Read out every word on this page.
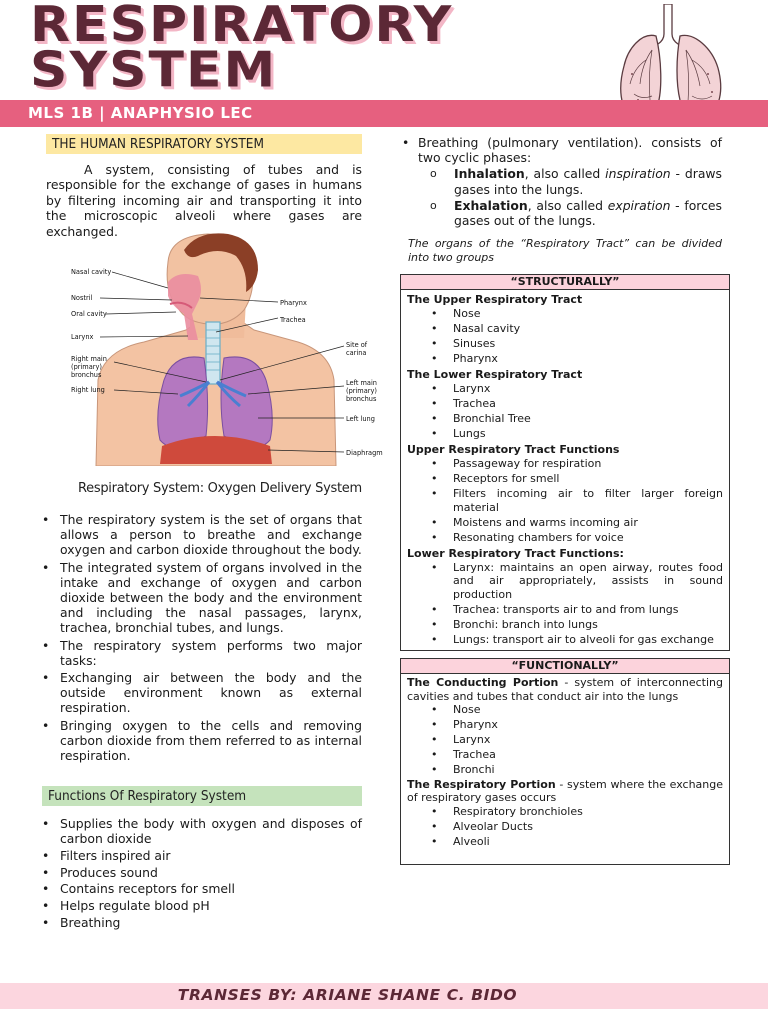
RESPIRATORY
SYSTEM
MLS 1B | ANAPHYSIO LEC
THE HUMAN RESPIRATORY SYSTEM

A system, consisting of tubes and is responsible for the exchange of gases in humans by filtering incoming air and transporting it into the microscopic alveoli where gases are exchanged.

Nasal cavity
Nostril
Oral cavity
Larynx
Right main
(primary)
bronchus
Right lung
Pharynx
Trachea
Site of
carina
Left main
(primary)
bronchus
Left lung
Diaphragm
Respiratory System: Oxygen Delivery System
• The respiratory system is the set of organs that allows a person to breathe and exchange oxygen and carbon dioxide throughout the body.
• The integrated system of organs involved in the intake and exchange of oxygen and carbon dioxide between the body and the environment and including the nasal passages, larynx, trachea, bronchial tubes, and lungs.
• The respiratory system performs two major tasks:
• Exchanging air between the body and the outside environment known as external respiration.
• Bringing oxygen to the cells and removing carbon dioxide from them referred to as internal respiration.
Functions Of Respiratory System
• Supplies the body with oxygen and disposes of carbon dioxide
• Filters inspired air
• Produces sound
• Contains receptors for smell
• Helps regulate blood pH
• Breathing
• Breathing (pulmonary ventilation). consists of two cyclic phases:
o Inhalation, also called inspiration - draws gases into the lungs.
o Exhalation, also called expiration - forces gases out of the lungs.

The organs of the “Respiratory Tract” can be divided into two groups

“STRUCTURALLY”
The Upper Respiratory Tract
• Nose
• Nasal cavity
• Sinuses
• Pharynx
The Lower Respiratory Tract
• Larynx
• Trachea
• Bronchial Tree
• Lungs
Upper Respiratory Tract Functions
• Passageway for respiration
• Receptors for smell
• Filters incoming air to filter larger foreign material
• Moistens and warms incoming air
• Resonating chambers for voice
Lower Respiratory Tract Functions:
• Larynx: maintains an open airway, routes food and air appropriately, assists in sound production
• Trachea: transports air to and from lungs
• Bronchi: branch into lungs
• Lungs: transport air to alveoli for gas exchange
“FUNCTIONALLY”
The Conducting Portion - system of interconnecting cavities and tubes that conduct air into the lungs
• Nose
• Pharynx
• Larynx
• Trachea
• Bronchi
The Respiratory Portion - system where the exchange of respiratory gases occurs
• Respiratory bronchioles
• Alveolar Ducts
• Alveoli
TRANSES BY: ARIANE SHANE C. BIDO
